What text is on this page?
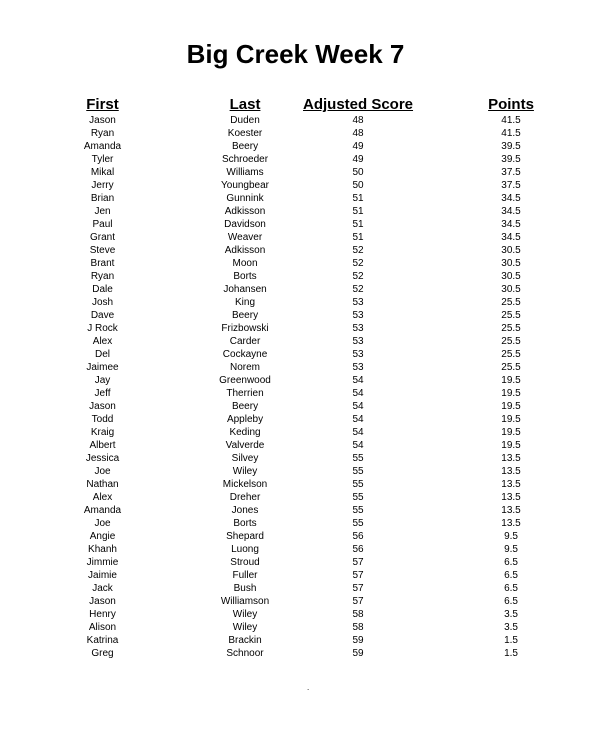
Big Creek Week 7
First	Last	Adjusted Score	Points
Jason	Duden	48	41.5
Ryan	Koester	48	41.5
Amanda	Beery	49	39.5
Tyler	Schroeder	49	39.5
Mikal	Williams	50	37.5
Jerry	Youngbear	50	37.5
Brian	Gunnink	51	34.5
Jen	Adkisson	51	34.5
Paul	Davidson	51	34.5
Grant	Weaver	51	34.5
Steve	Adkisson	52	30.5
Brant	Moon	52	30.5
Ryan	Borts	52	30.5
Dale	Johansen	52	30.5
Josh	King	53	25.5
Dave	Beery	53	25.5
J Rock	Frizbowski	53	25.5
Alex	Carder	53	25.5
Del	Cockayne	53	25.5
Jaimee	Norem	53	25.5
Jay	Greenwood	54	19.5
Jeff	Therrien	54	19.5
Jason	Beery	54	19.5
Todd	Appleby	54	19.5
Kraig	Keding	54	19.5
Albert	Valverde	54	19.5
Jessica	Silvey	55	13.5
Joe	Wiley	55	13.5
Nathan	Mickelson	55	13.5
Alex	Dreher	55	13.5
Amanda	Jones	55	13.5
Joe	Borts	55	13.5
Angie	Shepard	56	9.5
Khanh	Luong	56	9.5
Jimmie	Stroud	57	6.5
Jaimie	Fuller	57	6.5
Jack	Bush	57	6.5
Jason	Williamson	57	6.5
Henry	Wiley	58	3.5
Alison	Wiley	58	3.5
Katrina	Brackin	59	1.5
Greg	Schnoor	59	1.5
.
